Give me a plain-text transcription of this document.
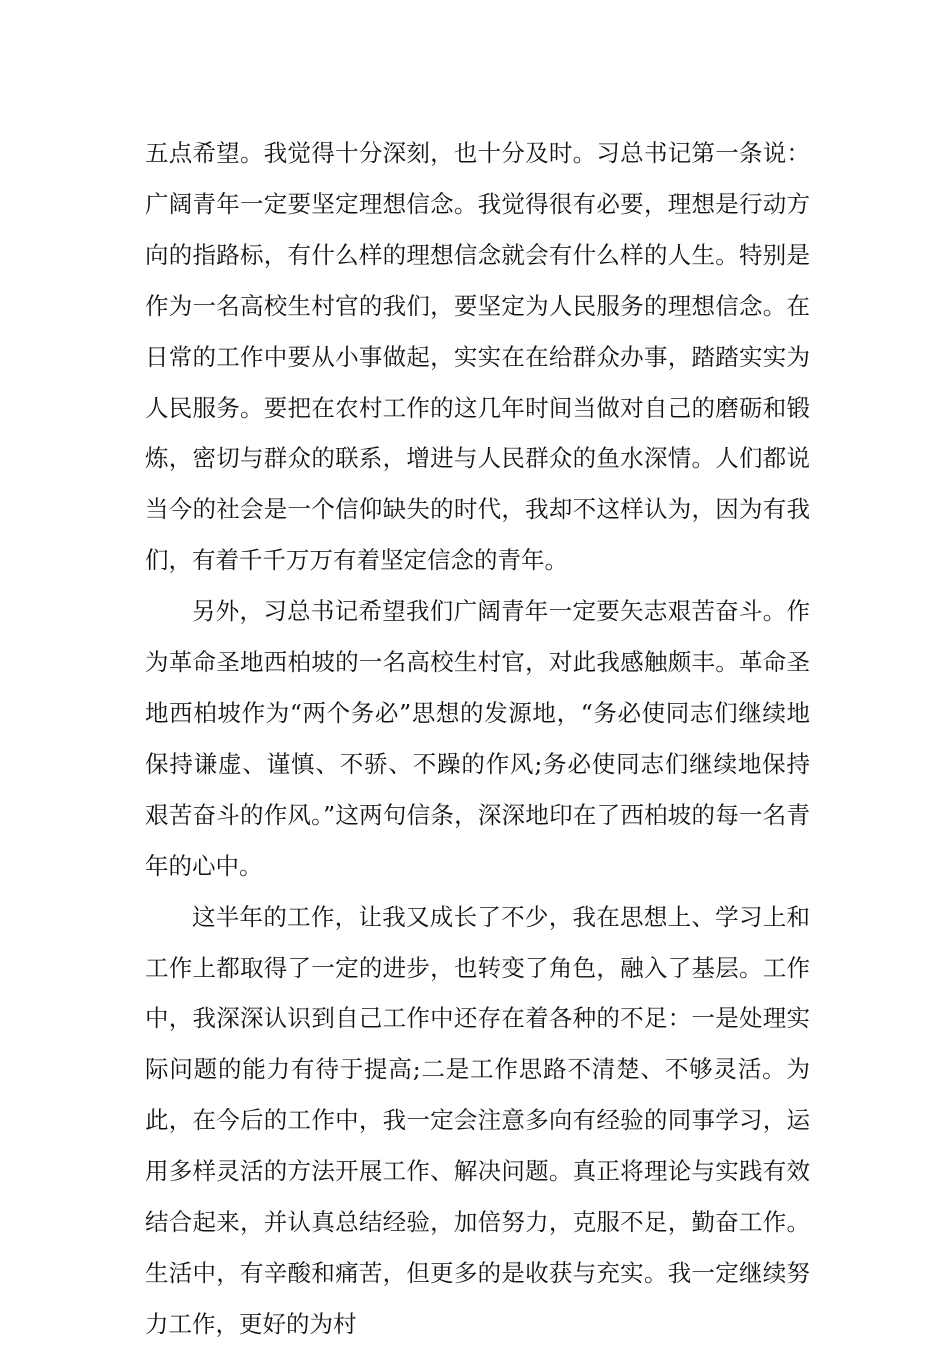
五点希望。我觉得十分深刻，也十分及时。习总书记第一条说：广阔青年一定要坚定理想信念。我觉得很有必要，理想是行动方向的指路标，有什么样的理想信念就会有什么样的人生。特别是作为一名高校生村官的我们，要坚定为人民服务的理想信念。在日常的工作中要从小事做起，实实在在给群众办事，踏踏实实为人民服务。要把在农村工作的这几年时间当做对自己的磨砺和锻炼，密切与群众的联系，增进与人民群众的鱼水深情。人们都说当今的社会是一个信仰缺失的时代，我却不这样认为，因为有我们，有着千千万万有着坚定信念的青年。

另外，习总书记希望我们广阔青年一定要矢志艰苦奋斗。作为革命圣地西柏坡的一名高校生村官，对此我感触颇丰。革命圣地西柏坡作为“两个务必”思想的发源地，“务必使同志们继续地保持谦虚、谨慎、不骄、不躁的作风;务必使同志们继续地保持艰苦奋斗的作风。”这两句信条，深深地印在了西柏坡的每一名青年的心中。

这半年的工作，让我又成长了不少，我在思想上、学习上和工作上都取得了一定的进步，也转变了角色，融入了基层。工作中，我深深认识到自己工作中还存在着各种的不足：一是处理实际问题的能力有待于提高;二是工作思路不清楚、不够灵活。为此，在今后的工作中，我一定会注意多向有经验的同事学习，运用多样灵活的方法开展工作、解决问题。真正将理论与实践有效结合起来，并认真总结经验，加倍努力，克服不足，勤奋工作。生活中，有辛酸和痛苦，但更多的是收获与充实。我一定继续努力工作，更好的为村
